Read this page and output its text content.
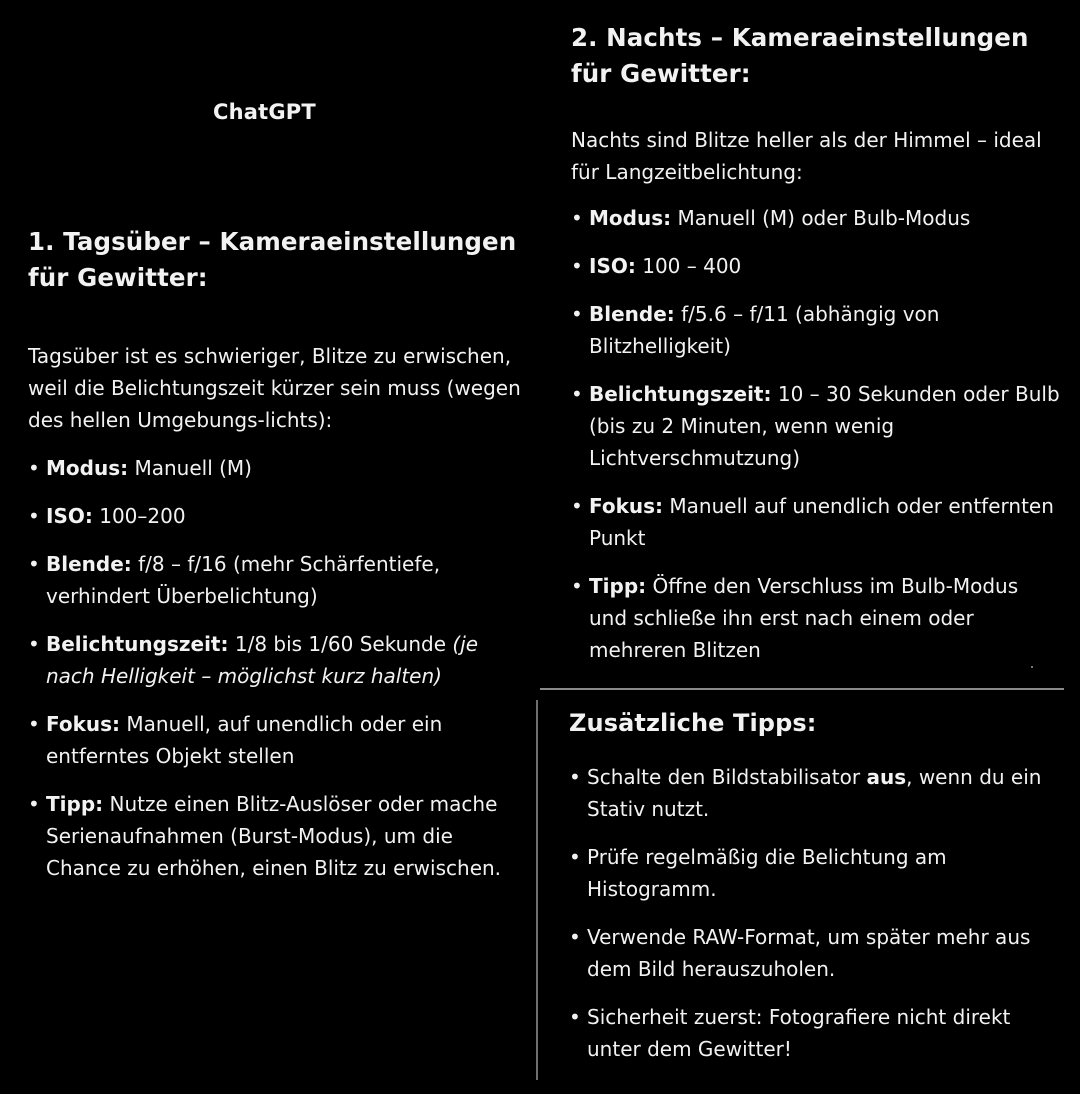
ChatGPT
1. Tagsüber – Kameraeinstellungen für Gewitter:

Tagsüber ist es schwieriger, Blitze zu erwischen, weil die Belichtungszeit kürzer sein muss (wegen des hellen Umgebungs-lichts):

• Modus: Manuell (M)
• ISO: 100–200
• Blende: f/8 – f/16 (mehr Schärfentiefe, verhindert Überbelichtung)
• Belichtungszeit: 1/8 bis 1/60 Sekunde (je nach Helligkeit – möglichst kurz halten)
• Fokus: Manuell, auf unendlich oder ein entferntes Objekt stellen
• Tipp: Nutze einen Blitz-Auslöser oder mache Serienaufnahmen (Burst-Modus), um die Chance zu erhöhen, einen Blitz zu erwischen.
2. Nachts – Kameraeinstellungen für Gewitter:

Nachts sind Blitze heller als der Himmel – ideal für Langzeitbelichtung:

• Modus: Manuell (M) oder Bulb-Modus
• ISO: 100 – 400
• Blende: f/5.6 – f/11 (abhängig von Blitzhelligkeit)
• Belichtungszeit: 10 – 30 Sekunden oder Bulb (bis zu 2 Minuten, wenn wenig Lichtverschmutzung)
• Fokus: Manuell auf unendlich oder entfernten Punkt
• Tipp: Öffne den Verschluss im Bulb-Modus und schließe ihn erst nach einem oder mehreren Blitzen
Zusätzliche Tipps:
• Schalte den Bildstabilisator aus, wenn du ein Stativ nutzt.
• Prüfe regelmäßig die Belichtung am Histogramm.
• Verwende RAW-Format, um später mehr aus dem Bild herauszuholen.
• Sicherheit zuerst: Fotografiere nicht direkt unter dem Gewitter!
